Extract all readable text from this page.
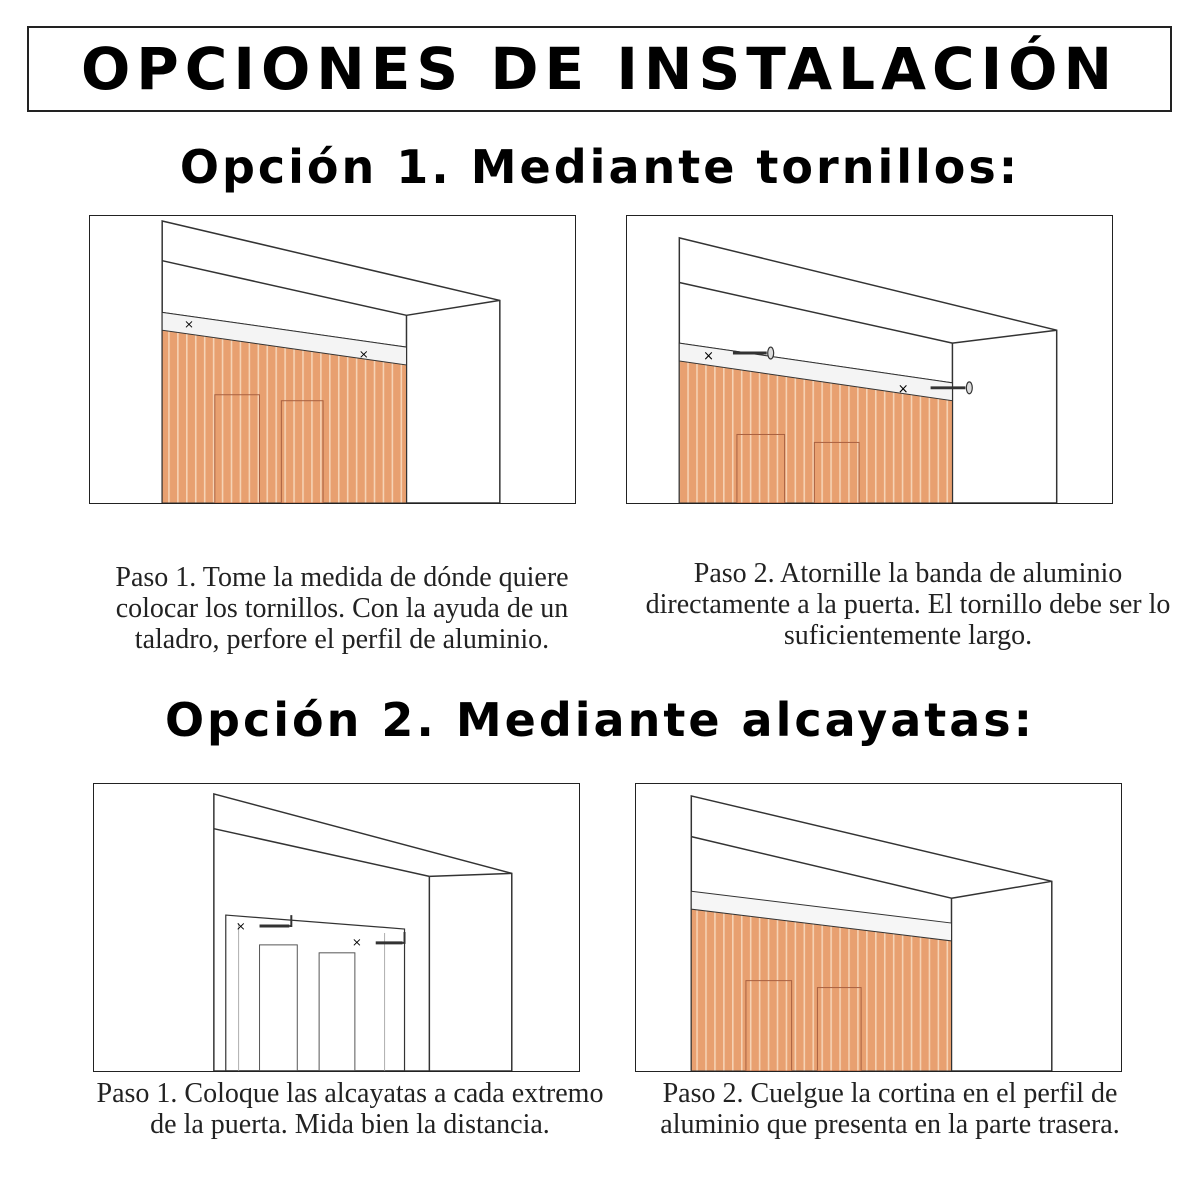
OPCIONES DE INSTALACIÓN
Opción 1. Mediante tornillos:
×
×	×
×

Paso 1. Tome la medida de dónde quiere colocar los tornillos. Con la ayuda de un taladro, perfore el perfil de aluminio.

Paso 2. Atornille la banda de aluminio directamente a la puerta. El tornillo debe ser lo suficientemente largo.

Opción 2. Mediante alcayatas:
×
×

Paso 1. Coloque las alcayatas a cada extremo de la puerta. Mida bien la distancia.

Paso 2. Cuelgue la cortina en el perfil de aluminio que presenta en la parte trasera.
